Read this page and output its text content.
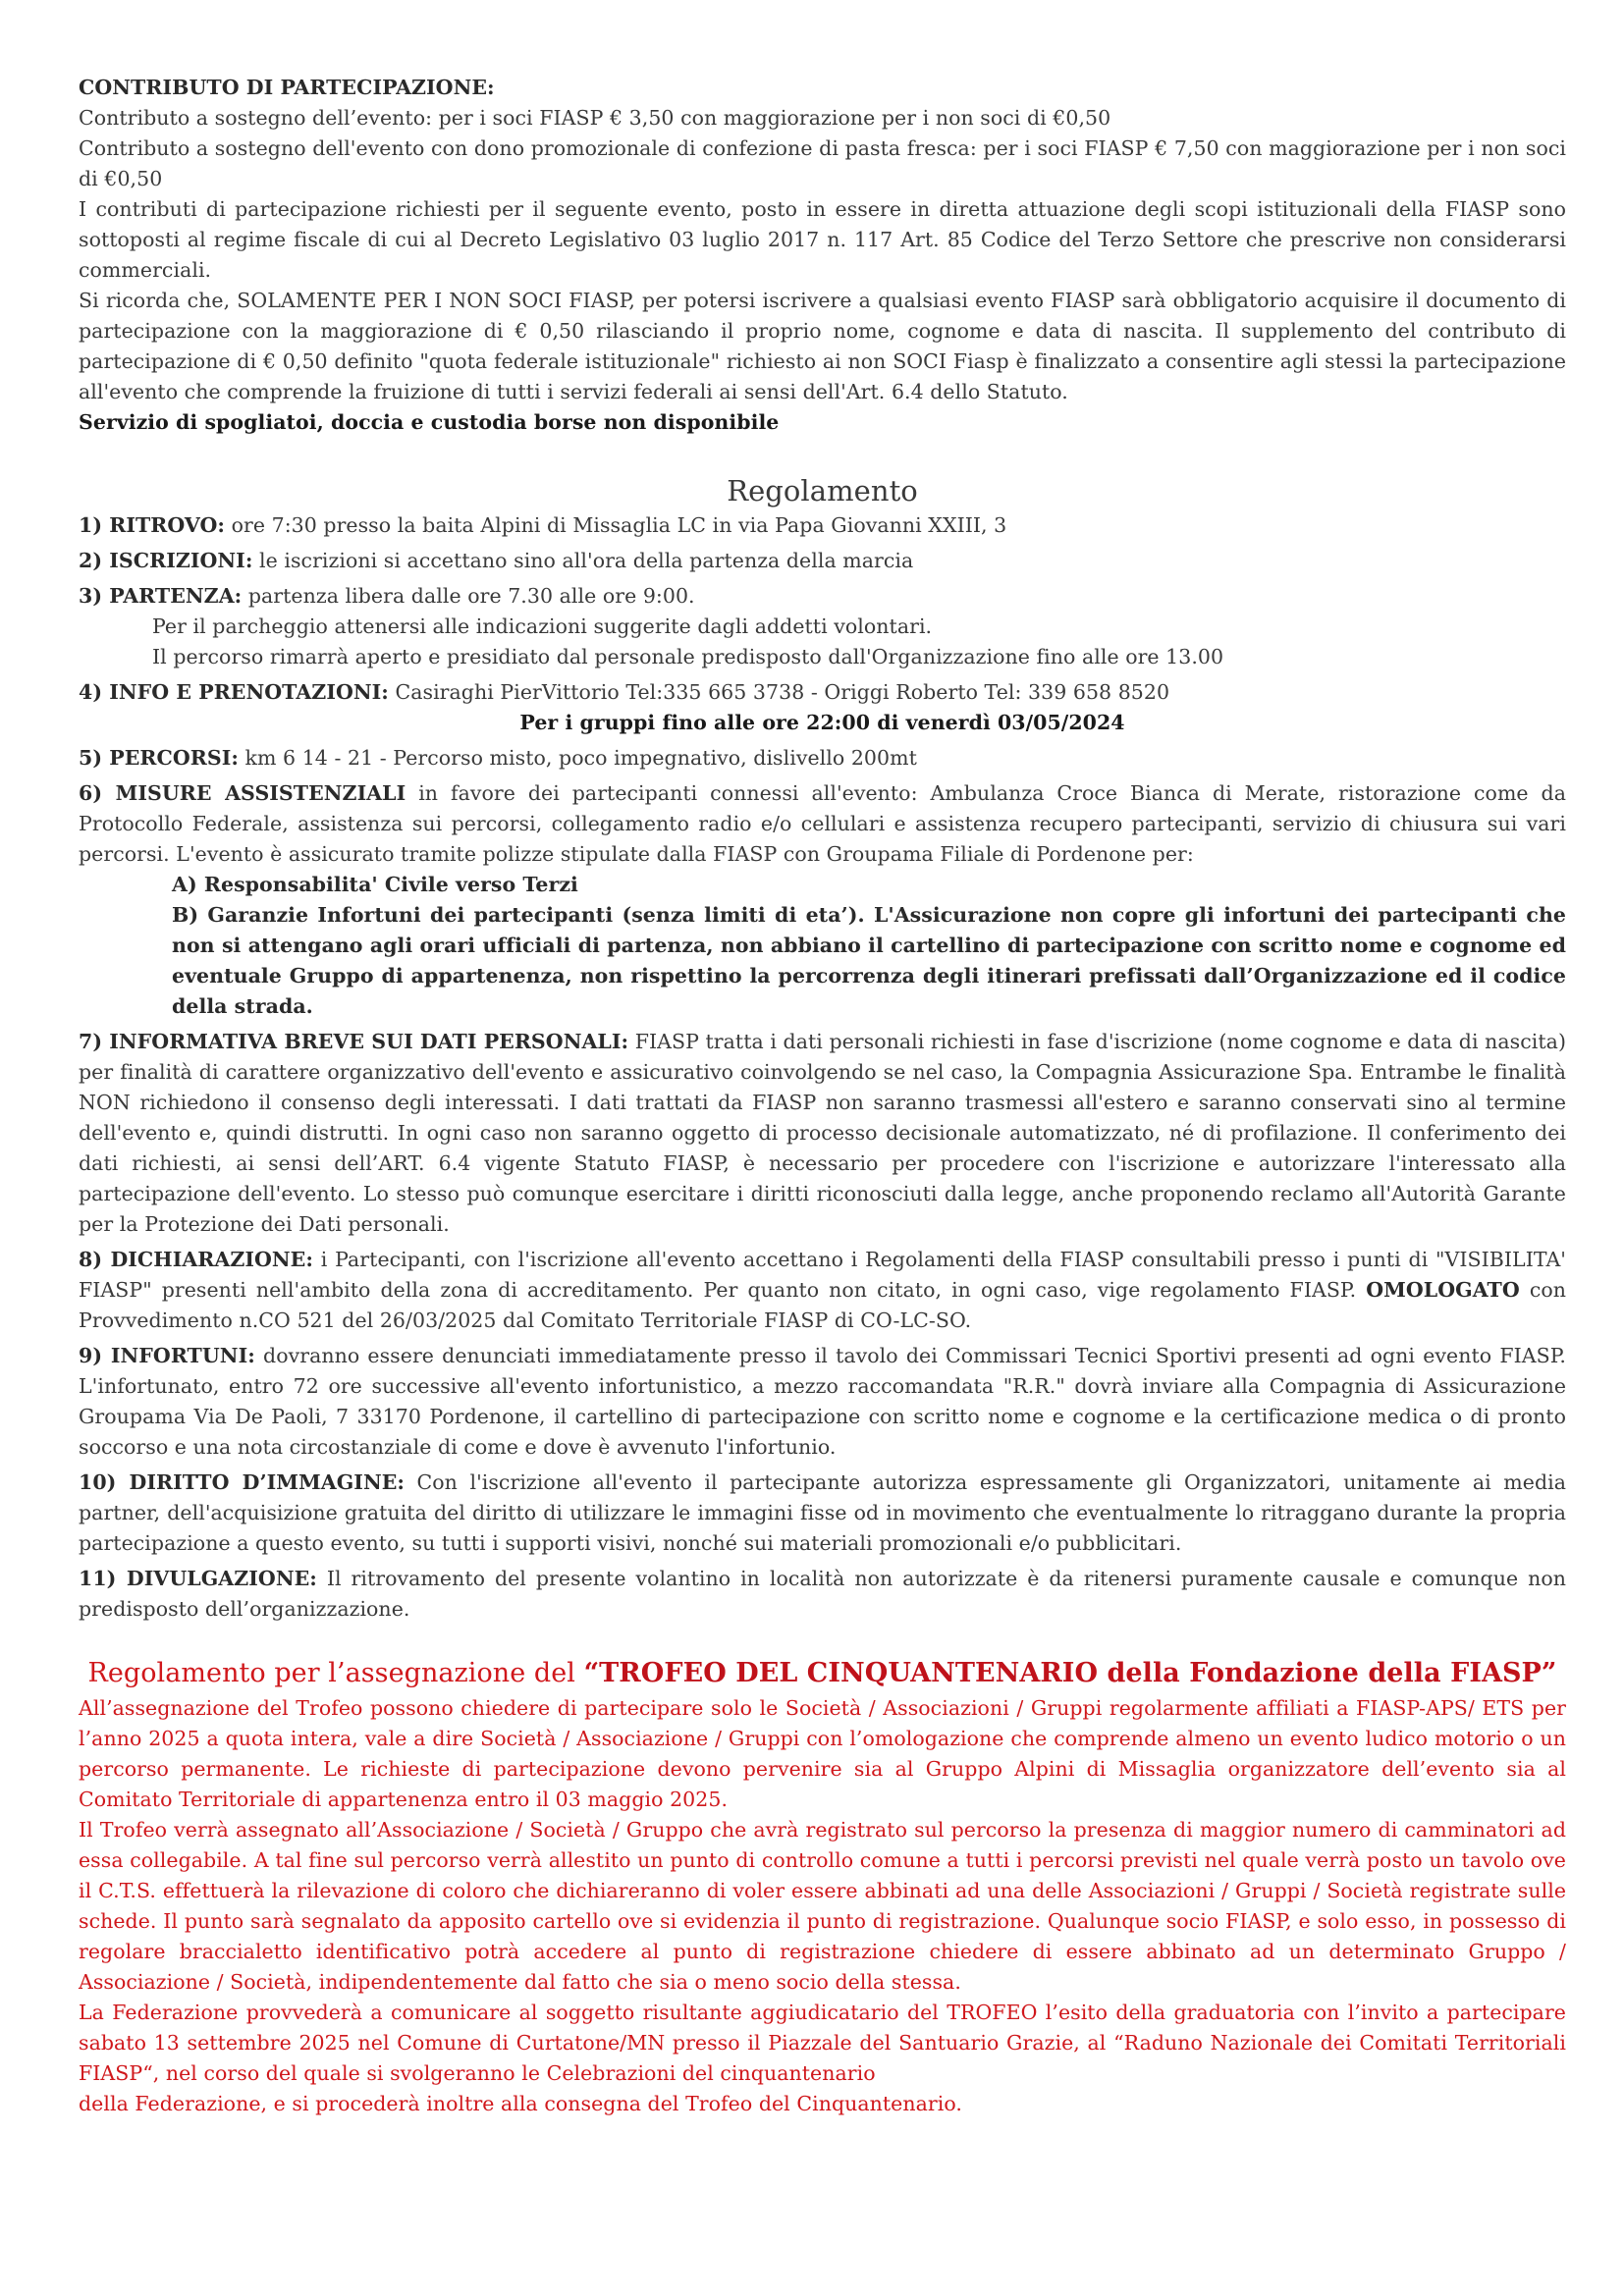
CONTRIBUTO DI PARTECIPAZIONE:

Contributo a sostegno dell’evento: per i soci FIASP € 3,50 con maggiorazione per i non soci di €0,50

Contributo a sostegno dell'evento con dono promozionale di confezione di pasta fresca: per i soci FIASP € 7,50 con maggiorazione per i non soci di €0,50

I contributi di partecipazione richiesti per il seguente evento, posto in essere in diretta attuazione degli scopi istituzionali della FIASP sono sottoposti al regime fiscale di cui al Decreto Legislativo 03 luglio 2017 n. 117 Art. 85 Codice del Terzo Settore che prescrive non considerarsi commerciali.

Si ricorda che, SOLAMENTE PER I NON SOCI FIASP, per potersi iscrivere a qualsiasi evento FIASP sarà obbligatorio acquisire il documento di partecipazione con la maggiorazione di € 0,50 rilasciando il proprio nome, cognome e data di nascita. Il supplemento del contributo di partecipazione di € 0,50 definito "quota federale istituzionale" richiesto ai non SOCI Fiasp è finalizzato a consentire agli stessi la partecipazione all'evento che comprende la fruizione di tutti i servizi federali ai sensi dell'Art. 6.4 dello Statuto.

Servizio di spogliatoi, doccia e custodia borse non disponibile

Regolamento

1) RITROVO: ore 7:30 presso la baita Alpini di Missaglia LC in via Papa Giovanni XXIII, 3

2) ISCRIZIONI: le iscrizioni si accettano sino all'ora della partenza della marcia

3) PARTENZA: partenza libera dalle ore 7.30 alle ore 9:00.

Per il parcheggio attenersi alle indicazioni suggerite dagli addetti volontari.

Il percorso rimarrà aperto e presidiato dal personale predisposto dall'Organizzazione fino alle ore 13.00

4) INFO E PRENOTAZIONI: Casiraghi PierVittorio Tel:335 665 3738 - Origgi Roberto Tel: 339 658 8520

Per i gruppi fino alle ore 22:00 di venerdì 03/05/2024

5) PERCORSI: km 6 14 - 21 - Percorso misto, poco impegnativo, dislivello 200mt

6) MISURE ASSISTENZIALI in favore dei partecipanti connessi all'evento: Ambulanza Croce Bianca di Merate, ristorazione come da Protocollo Federale, assistenza sui percorsi, collegamento radio e/o cellulari e assistenza recupero partecipanti, servizio di chiusura sui vari percorsi. L'evento è assicurato tramite polizze stipulate dalla FIASP con Groupama Filiale di Pordenone per:

A) Responsabilita' Civile verso Terzi

B) Garanzie Infortuni dei partecipanti (senza limiti di eta’). L'Assicurazione non copre gli infortuni dei partecipanti che non si attengano agli orari ufficiali di partenza, non abbiano il cartellino di partecipazione con scritto nome e cognome ed eventuale Gruppo di appartenenza, non rispettino la percorrenza degli itinerari prefissati dall’Organizzazione ed il codice della strada.

7) INFORMATIVA BREVE SUI DATI PERSONALI: FIASP tratta i dati personali richiesti in fase d'iscrizione (nome cognome e data di nascita) per finalità di carattere organizzativo dell'evento e assicurativo coinvolgendo se nel caso, la Compagnia Assicurazione Spa. Entrambe le finalità NON richiedono il consenso degli interessati. I dati trattati da FIASP non saranno trasmessi all'estero e saranno conservati sino al termine dell'evento e, quindi distrutti. In ogni caso non saranno oggetto di processo decisionale automatizzato, né di profilazione. Il conferimento dei dati richiesti, ai sensi dell’ART. 6.4 vigente Statuto FIASP, è necessario per procedere con l'iscrizione e autorizzare l'interessato alla partecipazione dell'evento. Lo stesso può comunque esercitare i diritti riconosciuti dalla legge, anche proponendo reclamo all'Autorità Garante per la Protezione dei Dati personali.

8) DICHIARAZIONE: i Partecipanti, con l'iscrizione all'evento accettano i Regolamenti della FIASP consultabili presso i punti di "VISIBILITA' FIASP" presenti nell'ambito della zona di accreditamento. Per quanto non citato, in ogni caso, vige regolamento FIASP. OMOLOGATO con Provvedimento n.CO 521 del 26/03/2025 dal Comitato Territoriale FIASP di CO-LC-SO.

9) INFORTUNI: dovranno essere denunciati immediatamente presso il tavolo dei Commissari Tecnici Sportivi presenti ad ogni evento FIASP. L'infortunato, entro 72 ore successive all'evento infortunistico, a mezzo raccomandata "R.R." dovrà inviare alla Compagnia di Assicurazione Groupama Via De Paoli, 7 33170 Pordenone, il cartellino di partecipazione con scritto nome e cognome e la certificazione medica o di pronto soccorso e una nota circostanziale di come e dove è avvenuto l'infortunio.

10) DIRITTO D’IMMAGINE: Con l'iscrizione all'evento il partecipante autorizza espressamente gli Organizzatori, unitamente ai media partner, dell'acquisizione gratuita del diritto di utilizzare le immagini fisse od in movimento che eventualmente lo ritraggano durante la propria partecipazione a questo evento, su tutti i supporti visivi, nonché sui materiali promozionali e/o pubblicitari.

11) DIVULGAZIONE: Il ritrovamento del presente volantino in località non autorizzate è da ritenersi puramente causale e comunque non predisposto dell’organizzazione.

Regolamento per l’assegnazione del “TROFEO DEL CINQUANTENARIO della Fondazione della FIASP”

All’assegnazione del Trofeo possono chiedere di partecipare solo le Società / Associazioni / Gruppi regolarmente affiliati a FIASP-APS/ ETS per l’anno 2025 a quota intera, vale a dire Società / Associazione / Gruppi con l’omologazione che comprende almeno un evento ludico motorio o un percorso permanente. Le richieste di partecipazione devono pervenire sia al Gruppo Alpini di Missaglia organizzatore dell’evento sia al Comitato Territoriale di appartenenza entro il 03 maggio 2025.

Il Trofeo verrà assegnato all’Associazione / Società / Gruppo che avrà registrato sul percorso la presenza di maggior numero di camminatori ad essa collegabile. A tal fine sul percorso verrà allestito un punto di controllo comune a tutti i percorsi previsti nel quale verrà posto un tavolo ove il C.T.S. effettuerà la rilevazione di coloro che dichiareranno di voler essere abbinati ad una delle Associazioni / Gruppi / Società registrate sulle schede. Il punto sarà segnalato da apposito cartello ove si evidenzia il punto di registrazione. Qualunque socio FIASP, e solo esso, in possesso di regolare braccialetto identificativo potrà accedere al punto di registrazione chiedere di essere abbinato ad un determinato Gruppo / Associazione / Società, indipendentemente dal fatto che sia o meno socio della stessa.

La Federazione provvederà a comunicare al soggetto risultante aggiudicatario del TROFEO l’esito della graduatoria con l’invito a partecipare sabato 13 settembre 2025 nel Comune di Curtatone/MN presso il Piazzale del Santuario Grazie, al “Raduno Nazionale dei Comitati Territoriali FIASP“, nel corso del quale si svolgeranno le Celebrazioni del cinquantenario

della Federazione, e si procederà inoltre alla consegna del Trofeo del Cinquantenario.
